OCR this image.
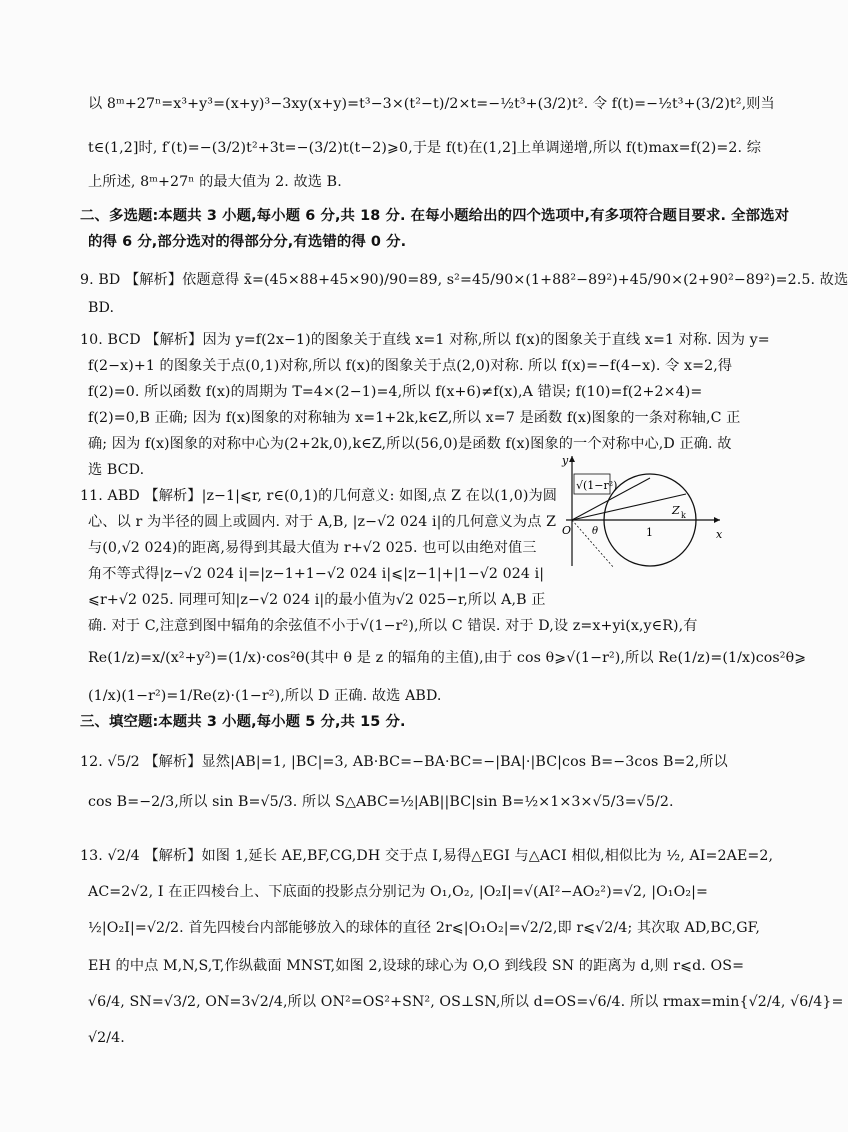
以 8ᵐ+27ⁿ=x³+y³=(x+y)³−3xy(x+y)=t³−3×(t²−t)/2×t=−½t³+(3/2)t². 令 f(t)=−½t³+(3/2)t²,则当
t∈(1,2]时, f′(t)=−(3/2)t²+3t=−(3/2)t(t−2)⩾0,于是 f(t)在(1,2]上单调递增,所以 f(t)max=f(2)=2. 综
上所述, 8ᵐ+27ⁿ 的最大值为 2. 故选 B.
二、多选题:本题共 3 小题,每小题 6 分,共 18 分. 在每小题给出的四个选项中,有多项符合题目要求. 全部选对
的得 6 分,部分选对的得部分分,有选错的得 0 分.
9. BD 【解析】依题意得 x̄=(45×88+45×90)/90=89, s²=45/90×(1+88²−89²)+45/90×(2+90²−89²)=2.5. 故选
BD.
10. BCD 【解析】因为 y=f(2x−1)的图象关于直线 x=1 对称,所以 f(x)的图象关于直线 x=1 对称. 因为 y=
f(2−x)+1 的图象关于点(0,1)对称,所以 f(x)的图象关于点(2,0)对称. 所以 f(x)=−f(4−x). 令 x=2,得
f(2)=0. 所以函数 f(x)的周期为 T=4×(2−1)=4,所以 f(x+6)≠f(x),A 错误; f(10)=f(2+2×4)=
f(2)=0,B 正确; 因为 f(x)图象的对称轴为 x=1+2k,k∈Z,所以 x=7 是函数 f(x)图象的一条对称轴,C 正
确; 因为 f(x)图象的对称中心为(2+2k,0),k∈Z,所以(56,0)是函数 f(x)图象的一个对称中心,D 正确. 故
选 BCD.
11. ABD 【解析】|z−1|⩽r, r∈(0,1)的几何意义: 如图,点 Z 在以(1,0)为圆
心、以 r 为半径的圆上或圆内. 对于 A,B, |z−√2 024 i|的几何意义为点 Z
与(0,√2 024)的距离,易得到其最大值为 r+√2 025. 也可以由绝对值三
角不等式得|z−√2 024 i|=|z−1+1−√2 024 i|⩽|z−1|+|1−√2 024 i|
⩽r+√2 025. 同理可知|z−√2 024 i|的最小值为√2 025−r,所以 A,B 正
y
√(1−r²)
O θ	1	x
Z k
确. 对于 C,注意到图中辐角的余弦值不小于√(1−r²),所以 C 错误. 对于 D,设 z=x+yi(x,y∈R),有
Re(1/z)=x/(x²+y²)=(1/x)·cos²θ(其中 θ 是 z 的辐角的主值),由于 cos θ⩾√(1−r²),所以 Re(1/z)=(1/x)cos²θ⩾
(1/x)(1−r²)=1/Re(z)·(1−r²),所以 D 正确. 故选 ABD.
三、填空题:本题共 3 小题,每小题 5 分,共 15 分.
12. √5/2 【解析】显然|AB|=1, |BC|=3, AB·BC=−BA·BC=−|BA|·|BC|cos B=−3cos B=2,所以
cos B=−2/3,所以 sin B=√5/3. 所以 S△ABC=½|AB||BC|sin B=½×1×3×√5/3=√5/2.
13. √2/4 【解析】如图 1,延长 AE,BF,CG,DH 交于点 I,易得△EGI 与△ACI 相似,相似比为 ½, AI=2AE=2,
AC=2√2, I 在正四棱台上、下底面的投影点分别记为 O₁,O₂, |O₂I|=√(AI²−AO₂²)=√2, |O₁O₂|=
½|O₂I|=√2/2. 首先四棱台内部能够放入的球体的直径 2r⩽|O₁O₂|=√2/2,即 r⩽√2/4; 其次取 AD,BC,GF,
EH 的中点 M,N,S,T,作纵截面 MNST,如图 2,设球的球心为 O,O 到线段 SN 的距离为 d,则 r⩽d. OS=
√6/4, SN=√3/2, ON=3√2/4,所以 ON²=OS²+SN², OS⊥SN,所以 d=OS=√6/4. 所以 rmax=min{√2/4, √6/4}=
√2/4.
